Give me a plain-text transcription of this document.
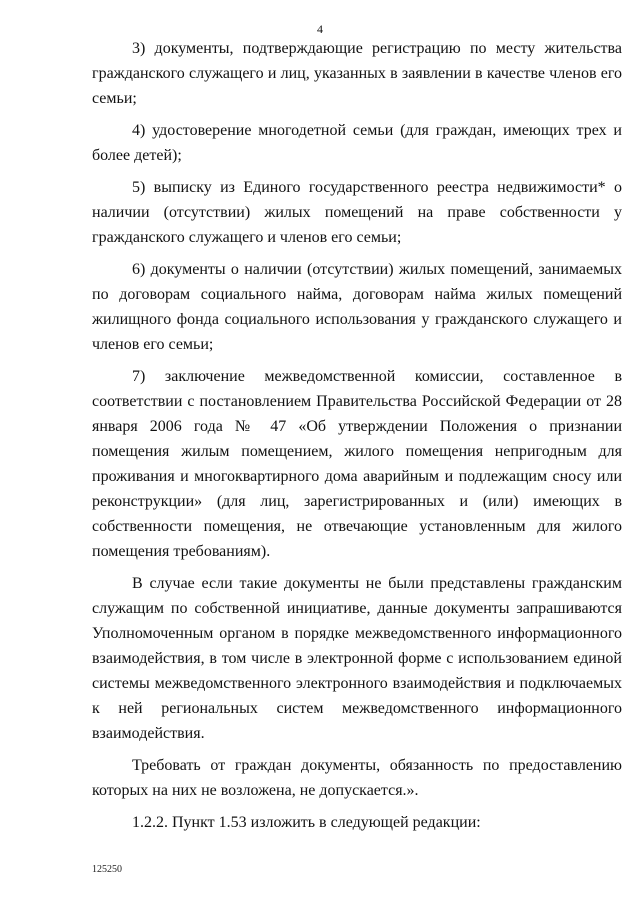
4

3) документы, подтверждающие регистрацию по месту жительства гражданского служащего и лиц, указанных в заявлении в качестве членов его семьи;

4) удостоверение многодетной семьи (для граждан, имеющих трех и более детей);

5) выписку из Единого государственного реестра недвижимости* о наличии (отсутствии) жилых помещений на праве собственности у гражданского служащего и членов его семьи;

6) документы о наличии (отсутствии) жилых помещений, занимаемых по договорам социального найма, договорам найма жилых помещений жилищного фонда социального использования у гражданского служащего и членов его семьи;

7) заключение межведомственной комиссии, составленное в соответствии с постановлением Правительства Российской Федерации от 28 января 2006 года № 47 «Об утверждении Положения о признании помещения жилым помещением, жилого помещения непригодным для проживания и многоквартирного дома аварийным и подлежащим сносу или реконструкции» (для лиц, зарегистрированных и (или) имеющих в собственности помещения, не отвечающие установленным для жилого помещения требованиям).

В случае если такие документы не были представлены гражданским служащим по собственной инициативе, данные документы запрашиваются Уполномоченным органом в порядке межведомственного информационного взаимодействия, в том числе в электронной форме с использованием единой системы межведомственного электронного взаимодействия и подключаемых к ней региональных систем межведомственного информационного взаимодействия.

Требовать от граждан документы, обязанность по предоставлению которых на них не возложена, не допускается.».

1.2.2. Пункт 1.53 изложить в следующей редакции:

125250
